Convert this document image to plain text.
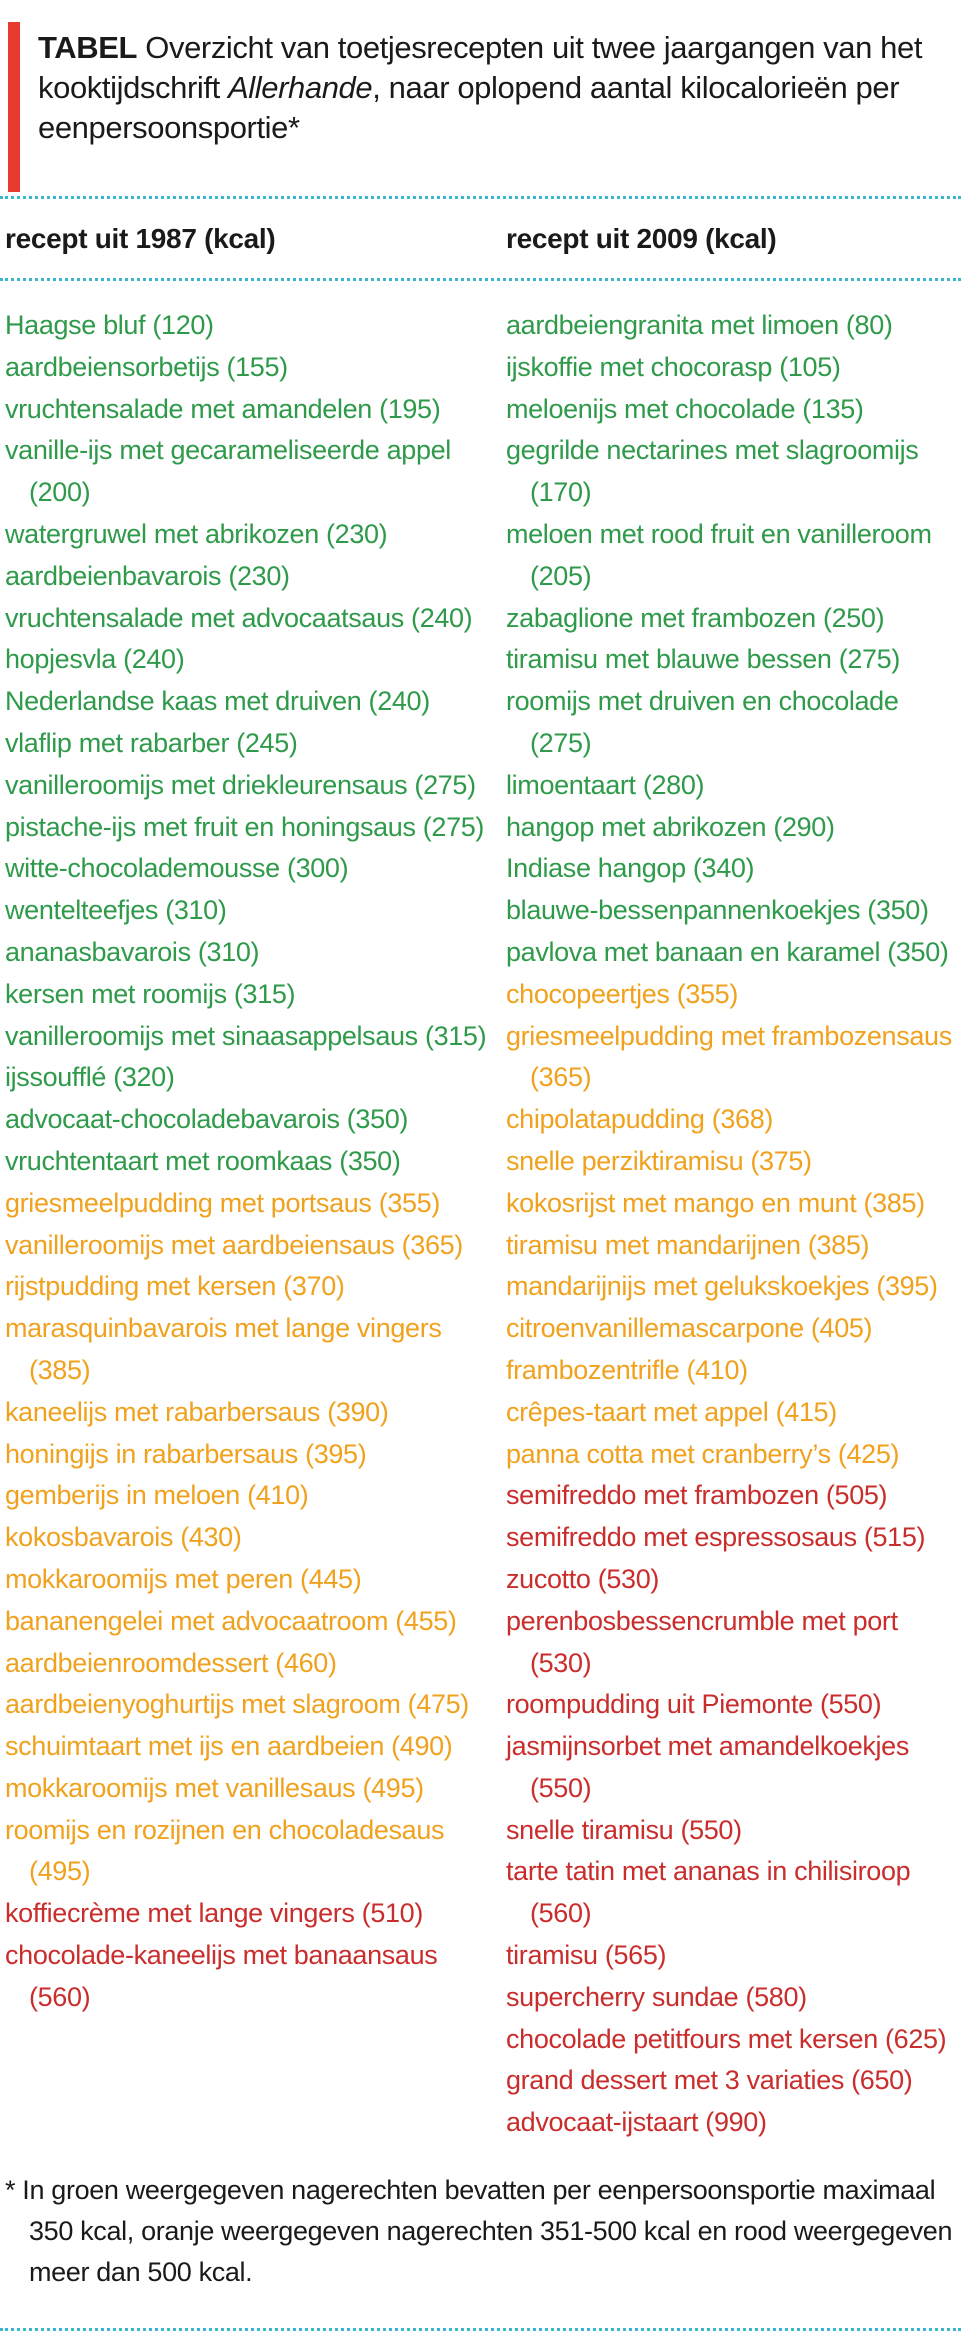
TABEL Overzicht van toetjesrecepten uit twee jaargangen van het kooktijdschrift Allerhande, naar oplopend aantal kilocalorieën per eenpersoonsportie*
recept uit 1987 (kcal)	recept uit 2009 (kcal)
Haagse bluf (120)
aardbeiensorbetijs (155)
vruchtensalade met amandelen (195)
vanille-ijs met gecarameliseerde appel (200)
watergruwel met abrikozen (230)
aardbeienbavarois (230)
vruchtensalade met advocaatsaus (240)
hopjesvla (240)
Nederlandse kaas met druiven (240)
vlaflip met rabarber (245)
vanilleroomijs met driekleurensaus (275)
pistache-ijs met fruit en honingsaus (275)
witte-chocolademousse (300)
wentelteefjes (310)
ananasbavarois (310)
kersen met roomijs (315)
vanilleroomijs met sinaasappelsaus (315)
ijssoufflé (320)
advocaat-chocoladebavarois (350)
vruchtentaart met roomkaas (350)
griesmeelpudding met portsaus (355)
vanilleroomijs met aardbeiensaus (365)
rijstpudding met kersen (370)
marasquinbavarois met lange vingers (385)
kaneelijs met rabarbersaus (390)
honingijs in rabarbersaus (395)
gemberijs in meloen (410)
kokosbavarois (430)
mokkaroomijs met peren (445)
bananengelei met advocaatroom (455)
aardbeienroomdessert (460)
aardbeienyoghurtijs met slagroom (475)
schuimtaart met ijs en aardbeien (490)
mokkaroomijs met vanillesaus (495)
roomijs en rozijnen en chocoladesaus (495)
koffiecrème met lange vingers (510)
chocolade-kaneelijs met banaansaus (560)
aardbeiengranita met limoen (80)
ijskoffie met chocorasp (105)
meloenijs met chocolade (135)
gegrilde nectarines met slagroomijs (170)
meloen met rood fruit en vanilleroom (205)
zabaglione met frambozen (250)
tiramisu met blauwe bessen (275)
roomijs met druiven en chocolade (275)
limoentaart (280)
hangop met abrikozen (290)
Indiase hangop (340)
blauwe-bessenpannenkoekjes (350)
pavlova met banaan en karamel (350)
chocopeertjes (355)
griesmeelpudding met frambozensaus (365)
chipolatapudding (368)
snelle perziktiramisu (375)
kokosrijst met mango en munt (385)
tiramisu met mandarijnen (385)
mandarijnijs met gelukskoekjes (395)
citroenvanillemascarpone (405)
frambozentrifle (410)
crêpes-taart met appel (415)
panna cotta met cranberry’s (425)
semifreddo met frambozen (505)
semifreddo met espressosaus (515)
zucotto (530)
perenbosbessencrumble met port (530)
roompudding uit Piemonte (550)
jasmijnsorbet met amandelkoekjes (550)
snelle tiramisu (550)
tarte tatin met ananas in chilisiroop (560)
tiramisu (565)
supercherry sundae (580)
chocolade petitfours met kersen (625)
grand dessert met 3 variaties (650)
advocaat-ijstaart (990)
* In groen weergegeven nagerechten bevatten per eenpersoonsportie maximaal 350 kcal, oranje weergegeven nagerechten 351-500 kcal en rood weergegeven meer dan 500 kcal.
